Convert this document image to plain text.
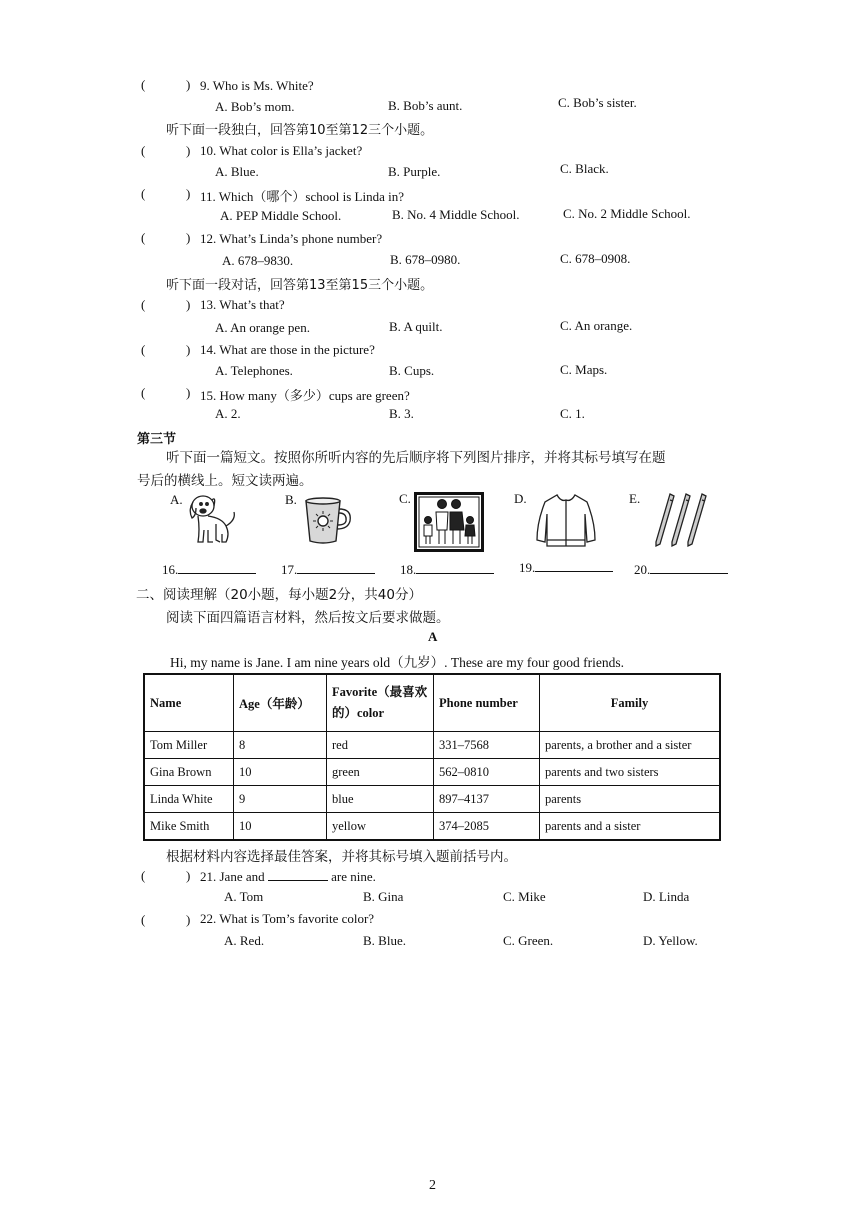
(	) 9. Who is Ms. White?
A. Bob’s mom.	B. Bob’s aunt.	C. Bob’s sister.
听下面一段独白，回答第10至第12三个小题。
(	) 10. What color is Ella’s jacket?
A. Blue.	B. Purple.	C. Black.
(	) 11. Which（哪个）school is Linda in?
A. PEP Middle School.	B. No. 4 Middle School.	C. No. 2 Middle School.
(	) 12. What’s Linda’s phone number?
A. 678–9830.	B. 678–0980.	C. 678–0908.
听下面一段对话，回答第13至第15三个小题。
(	) 13. What’s that?
A. An orange pen.	B. A quilt.	C. An orange.
(	) 14. What are those in the picture?
A. Telephones.	B. Cups.	C. Maps.
(	) 15. How many（多少）cups are green?
A. 2.	B. 3.	C. 1.
第三节
听下面一篇短文。按照你所听内容的先后顺序将下列图片排序，并将其标号填写在题
号后的横线上。短文读两遍。
A.	B.	C.	D.	E.
16.	17.	18.	19.	20.
二、阅读理解（20小题，每小题2分，共40分）
阅读下面四篇语言材料，然后按文后要求做题。
A
Hi, my name is Jane. I am nine years old（九岁）. These are my four good friends.
Name	Age（年龄）	Favorite（最喜欢的）color	Phone number	Family
Tom Miller	8	red	331–7568	parents, a brother and a sister
Gina Brown	10	green	562–0810	parents and two sisters
Linda White	9	blue	897–4137	parents
Mike Smith	10	yellow	374–2085	parents and a sister
根据材料内容选择最佳答案，并将其标号填入题前括号内。
(	) 21. Jane and	are nine.
A. Tom	B. Gina	C. Mike	D. Linda
(	) 22. What is Tom’s favorite color?
A. Red.	B. Blue.	C. Green.	D. Yellow.
2
